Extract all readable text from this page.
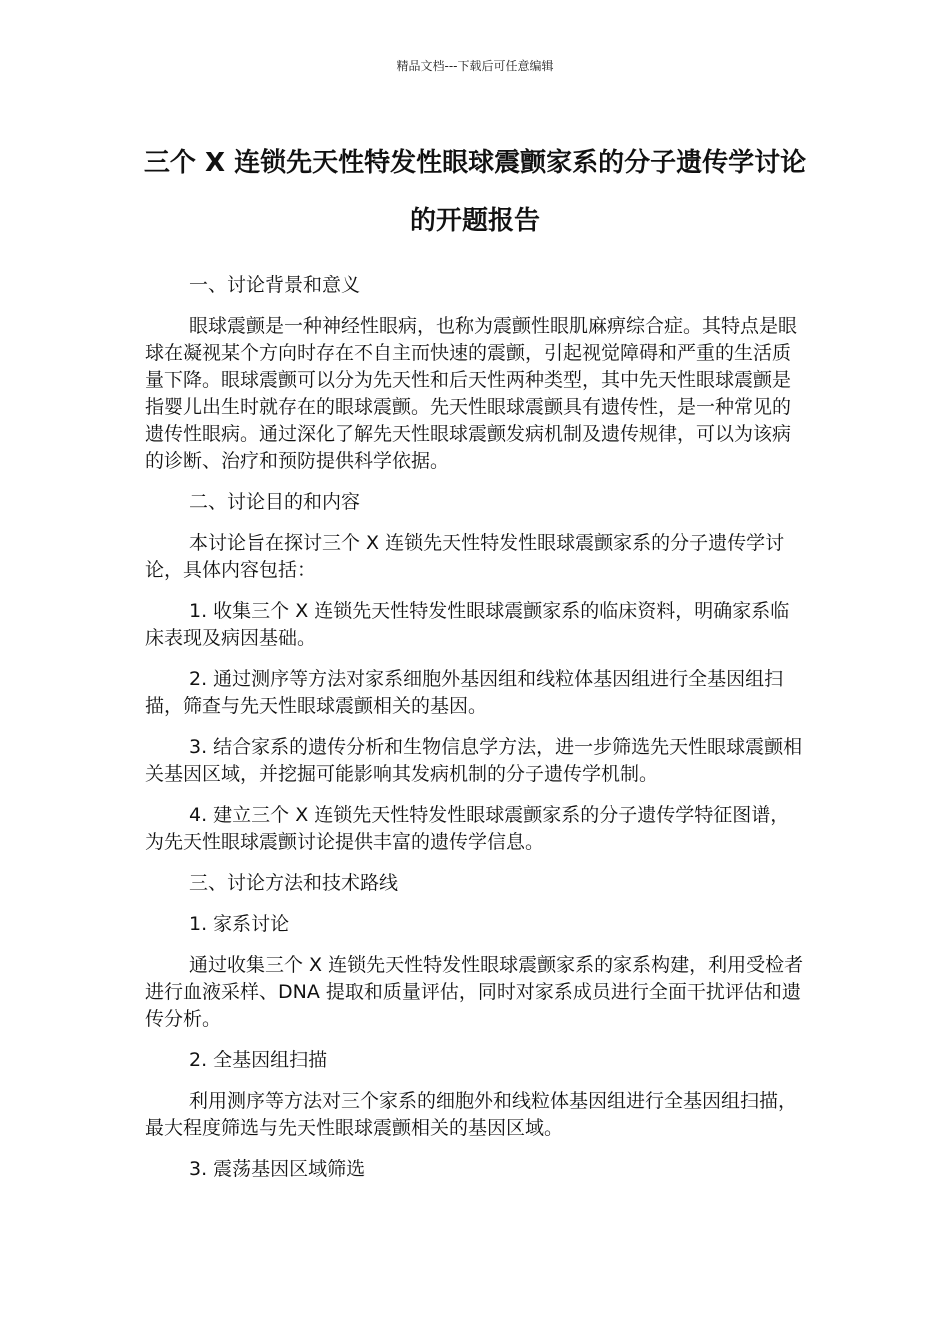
精品文档---下载后可任意编辑
三个 X 连锁先天性特发性眼球震颤家系的分子遗传学讨论的开题报告

一、讨论背景和意义

眼球震颤是一种神经性眼病，也称为震颤性眼肌麻痹综合症。其特点是眼球在凝视某个方向时存在不自主而快速的震颤，引起视觉障碍和严重的生活质量下降。眼球震颤可以分为先天性和后天性两种类型，其中先天性眼球震颤是指婴儿出生时就存在的眼球震颤。先天性眼球震颤具有遗传性，是一种常见的遗传性眼病。通过深化了解先天性眼球震颤发病机制及遗传规律，可以为该病的诊断、治疗和预防提供科学依据。

二、讨论目的和内容

本讨论旨在探讨三个 X 连锁先天性特发性眼球震颤家系的分子遗传学讨论，具体内容包括：

1. 收集三个 X 连锁先天性特发性眼球震颤家系的临床资料，明确家系临床表现及病因基础。

2. 通过测序等方法对家系细胞外基因组和线粒体基因组进行全基因组扫描，筛查与先天性眼球震颤相关的基因。

3. 结合家系的遗传分析和生物信息学方法，进一步筛选先天性眼球震颤相关基因区域，并挖掘可能影响其发病机制的分子遗传学机制。

4. 建立三个 X 连锁先天性特发性眼球震颤家系的分子遗传学特征图谱，为先天性眼球震颤讨论提供丰富的遗传学信息。

三、讨论方法和技术路线

1. 家系讨论

通过收集三个 X 连锁先天性特发性眼球震颤家系的家系构建，利用受检者进行血液采样、DNA 提取和质量评估，同时对家系成员进行全面干扰评估和遗传分析。

2. 全基因组扫描

利用测序等方法对三个家系的细胞外和线粒体基因组进行全基因组扫描，最大程度筛选与先天性眼球震颤相关的基因区域。

3. 震荡基因区域筛选
